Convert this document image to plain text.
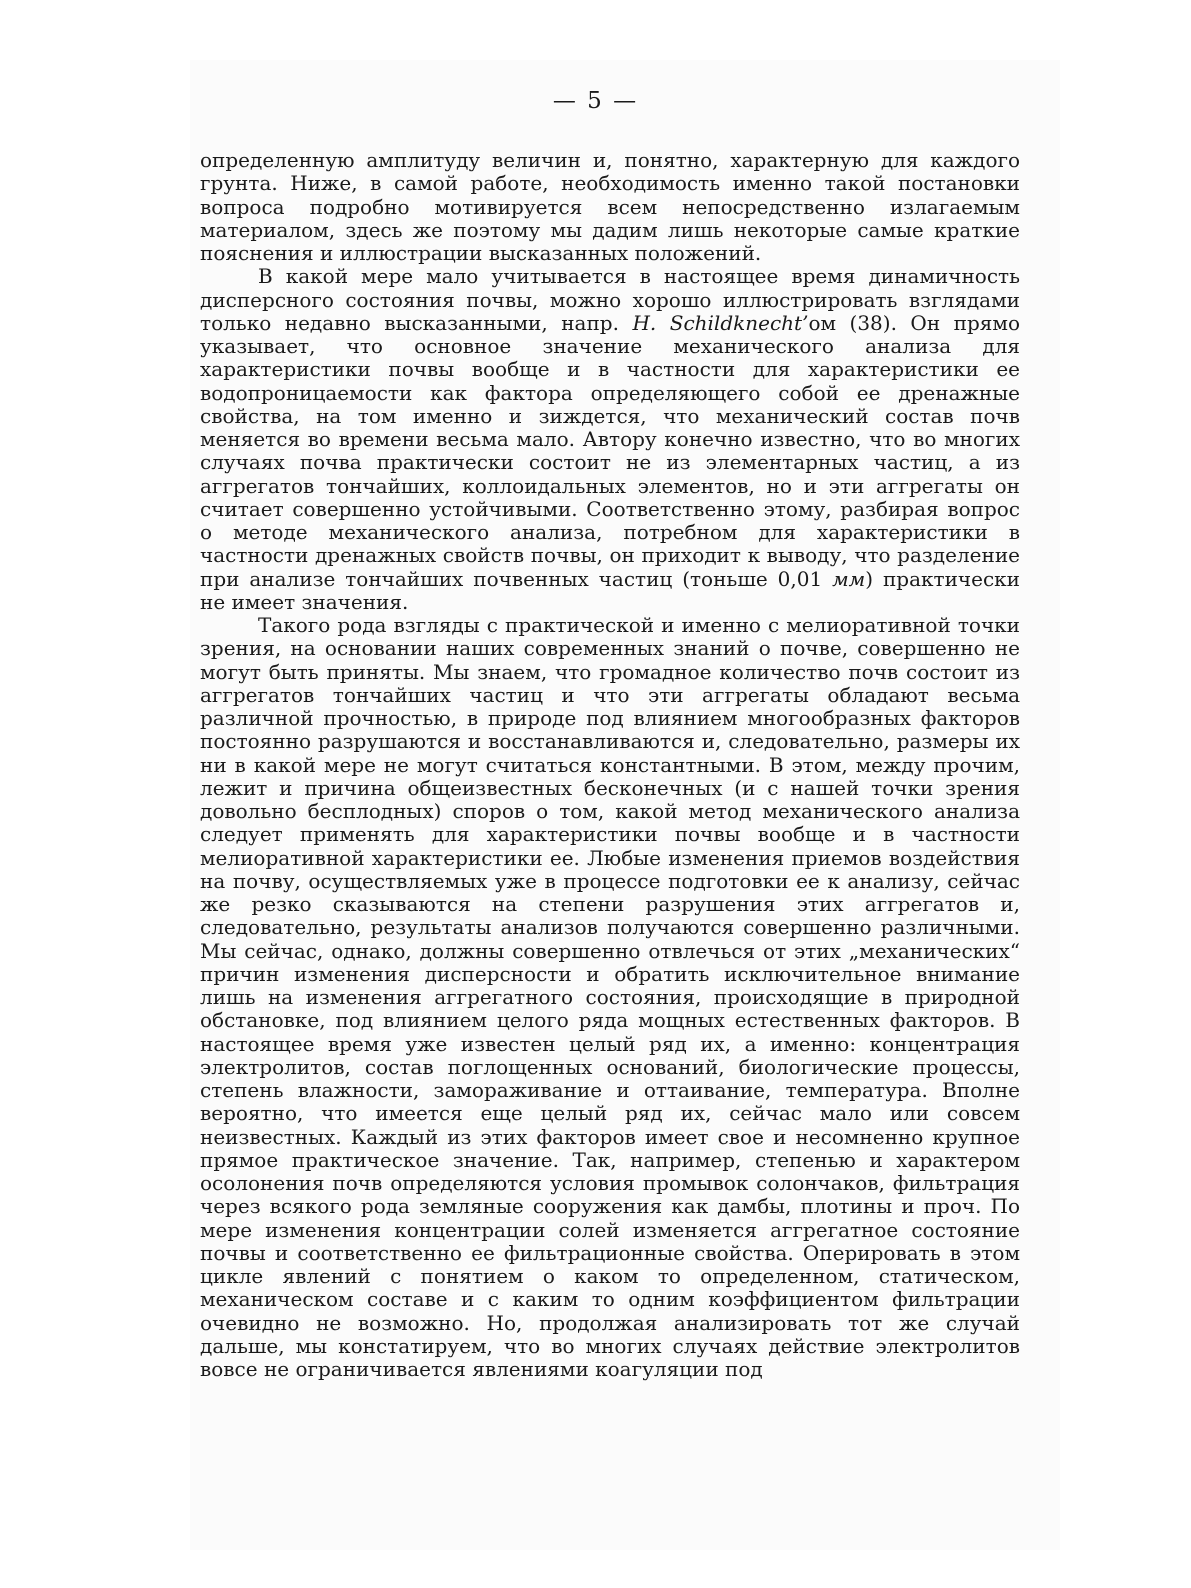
— 5 —

определенную амплитуду величин и, понятно, характерную для каждого грунта. Ниже, в самой работе, необходимость именно такой постановки вопроса подробно мотивируется всем непосредственно излагаемым материалом, здесь же поэтому мы дадим лишь некоторые самые краткие пояснения и иллюстрации высказанных положений.

В какой мере мало учитывается в настоящее время динамичность дисперсного состояния почвы, можно хорошо иллюстрировать взглядами только недавно высказанными, напр. H. Schildknecht’ом (38). Он прямо указывает, что основное значение механического анализа для характеристики почвы вообще и в частности для характеристики ее водопроницаемости как фактора определяющего собой ее дренажные свойства, на том именно и зиждется, что механический состав почв меняется во времени весьма мало. Автору конечно известно, что во многих случаях почва практически состоит не из элементарных частиц, а из аггрегатов тончайших, коллоидальных элементов, но и эти аггрегаты он считает совершенно устойчивыми. Соответственно этому, разбирая вопрос о методе механического анализа, потребном для характеристики в частности дренажных свойств почвы, он приходит к выводу, что разделение при анализе тончайших почвенных частиц (тоньше 0,01 мм) практически не имеет значения.

Такого рода взгляды с практической и именно с мелиоративной точки зрения, на основании наших современных знаний о почве, совершенно не могут быть приняты. Мы знаем, что громадное количество почв состоит из аггрегатов тончайших частиц и что эти аггрегаты обладают весьма различной прочностью, в природе под влиянием многообразных факторов постоянно разрушаются и восстанавливаются и, следовательно, размеры их ни в какой мере не могут считаться константными. В этом, между прочим, лежит и причина общеизвестных бесконечных (и с нашей точки зрения довольно бесплодных) споров о том, какой метод механического анализа следует применять для характеристики почвы вообще и в частности мелиоративной характеристики ее. Любые изменения приемов воздействия на почву, осуществляемых уже в процессе подготовки ее к анализу, сейчас же резко сказываются на степени разрушения этих аггрегатов и, следовательно, результаты анализов получаются совершенно различными. Мы сейчас, однако, должны совершенно отвлечься от этих „механических“ причин изменения дисперсности и обратить исключительное внимание лишь на изменения аггрегатного состояния, происходящие в природной обстановке, под влиянием целого ряда мощных естественных факторов. В настоящее время уже известен целый ряд их, а именно: концентрация электролитов, состав поглощенных оснований, биологические процессы, степень влажности, замораживание и оттаивание, температура. Вполне вероятно, что имеется еще целый ряд их, сейчас мало или совсем неизвестных. Каждый из этих факторов имеет свое и несомненно крупное прямое практическое значение. Так, например, степенью и характером осолонения почв определяются условия промывок солончаков, фильтрация через всякого рода земляные сооружения как дамбы, плотины и проч. По мере изменения концентрации солей изменяется аггрегатное состояние почвы и соответственно ее фильтрационные свойства. Оперировать в этом цикле явлений с понятием о каком то определенном, статическом, механическом составе и с каким то одним коэффициентом фильтрации очевидно не возможно. Но, продолжая анализировать тот же случай дальше, мы констатируем, что во многих случаях действие электролитов вовсе не ограничивается явлениями коагуляции под
